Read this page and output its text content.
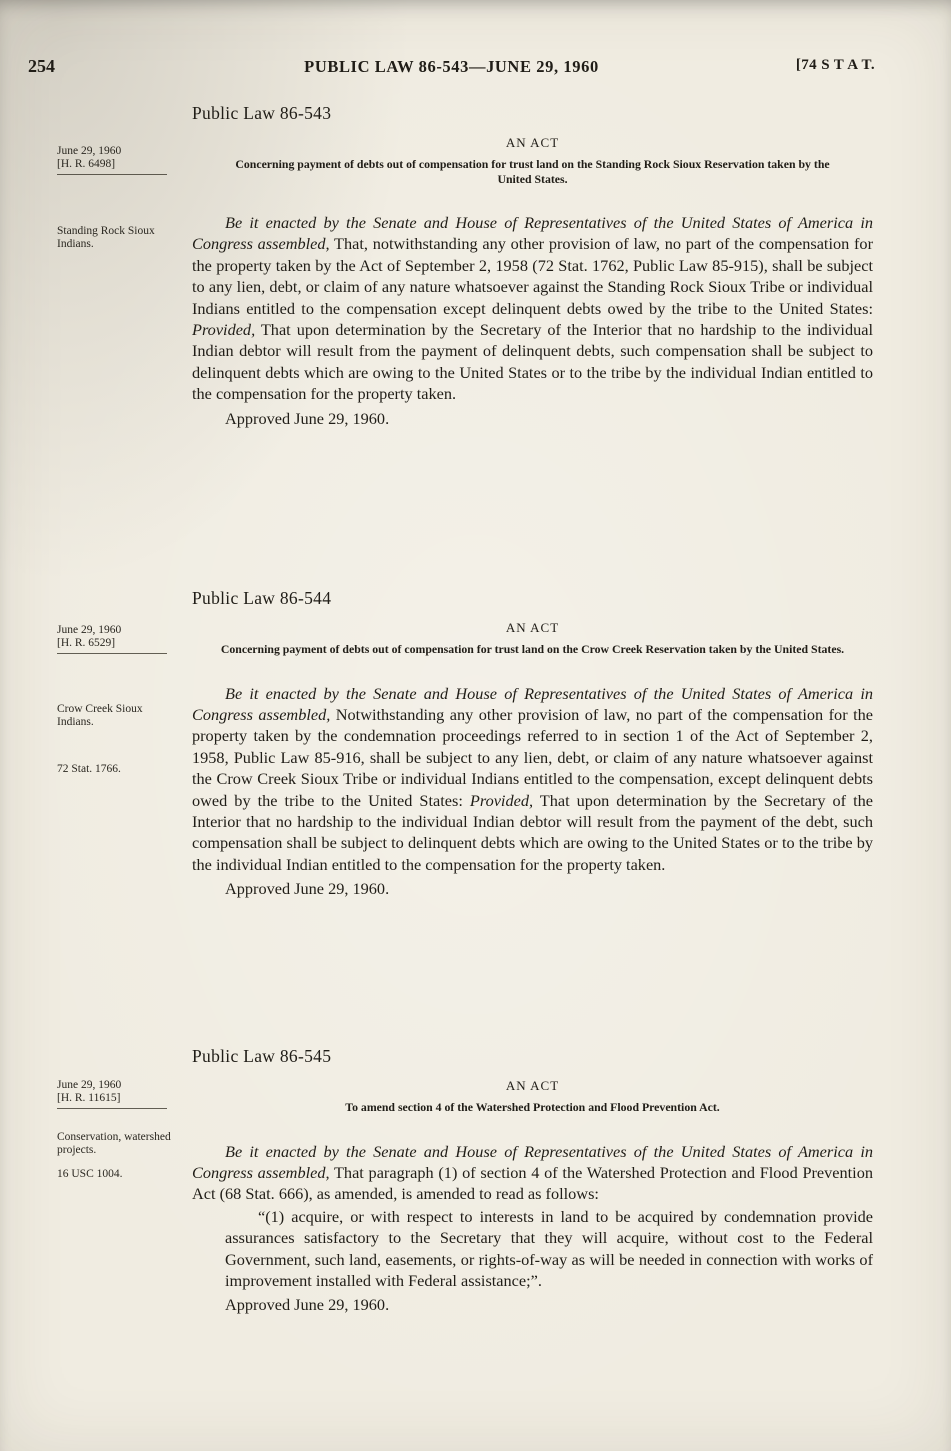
254	PUBLIC LAW 86-543—JUNE 29, 1960	[74 S T A T.
June 29, 1960
[H. R. 6498]
Standing Rock Sioux Indians.
Public Law 86-543
AN ACT

Concerning payment of debts out of compensation for trust land on the Standing Rock Sioux Reservation taken by the United States.

Be it enacted by the Senate and House of Representatives of the United States of America in Congress assembled, That, notwithstanding any other provision of law, no part of the compensation for the property taken by the Act of September 2, 1958 (72 Stat. 1762, Public Law 85-915), shall be subject to any lien, debt, or claim of any nature whatsoever against the Standing Rock Sioux Tribe or individual Indians entitled to the compensation except delinquent debts owed by the tribe to the United States: Provided, That upon determination by the Secretary of the Interior that no hardship to the individual Indian debtor will result from the payment of delinquent debts, such compensation shall be subject to delinquent debts which are owing to the United States or to the tribe by the individual Indian entitled to the compensation for the property taken.

Approved June 29, 1960.

June 29, 1960
[H. R. 6529]
Crow Creek Sioux Indians.
72 Stat. 1766.
Public Law 86-544
AN ACT

Concerning payment of debts out of compensation for trust land on the Crow Creek Reservation taken by the United States.

Be it enacted by the Senate and House of Representatives of the United States of America in Congress assembled, Notwithstanding any other provision of law, no part of the compensation for the property taken by the condemnation proceedings referred to in section 1 of the Act of September 2, 1958, Public Law 85-916, shall be subject to any lien, debt, or claim of any nature whatsoever against the Crow Creek Sioux Tribe or individual Indians entitled to the compensation, except delinquent debts owed by the tribe to the United States: Provided, That upon determination by the Secretary of the Interior that no hardship to the individual Indian debtor will result from the payment of the debt, such compensation shall be subject to delinquent debts which are owing to the United States or to the tribe by the individual Indian entitled to the compensation for the property taken.

Approved June 29, 1960.

June 29, 1960
[H. R. 11615]
Conservation, watershed projects.
16 USC 1004.
Public Law 86-545
AN ACT

To amend section 4 of the Watershed Protection and Flood Prevention Act.

Be it enacted by the Senate and House of Representatives of the United States of America in Congress assembled, That paragraph (1) of section 4 of the Watershed Protection and Flood Prevention Act (68 Stat. 666), as amended, is amended to read as follows:

“(1) acquire, or with respect to interests in land to be acquired by condemnation provide assurances satisfactory to the Secretary that they will acquire, without cost to the Federal Government, such land, easements, or rights-of-way as will be needed in connection with works of improvement installed with Federal assistance;”.

Approved June 29, 1960.
